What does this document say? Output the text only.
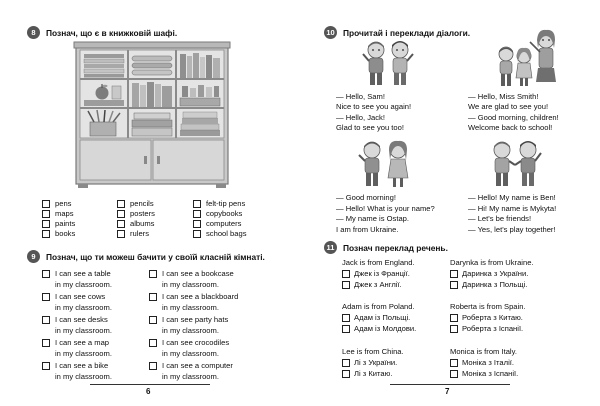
8	Познач, що є в книжковій шафі.
pens
maps
paints
books
pencils
posters
albums
rulers
felt-tip pens
copybooks
computers
school bags
9	Познач, що ти можеш бачити у своїй класній кімнаті.
I can see a table
in my classroom.
I can see a bookcase
in my classroom.
I can see cows
in my classroom.
I can see a blackboard
in my classroom.
I can see desks
in my classroom.
I can see party hats
in my classroom.
I can see a map
in my classroom.
I can see crocodiles
in my classroom.
I can see a bike
in my classroom.
I can see a computer
in my classroom.
6
10 Прочитай і переклади діалоги.
— Hello, Sam!
Nice to see you again!
— Hello, Jack!
Glad to see you too!
— Hello, Miss Smith!
We are glad to see you!
— Good morning, children!
Welcome back to school!
— Good morning!
— Hello! What is your name?
— My name is Ostap.
I am from Ukraine.
— Hello! My name is Ben!
— Hi! My name is Mykyta!
— Let's be friends!
— Yes, let's play together!
11	Познач переклад речень.
Jack is from England.
Джек із Франції.
Джек з Англії.
Darynka is from Ukraine.
Даринка з України.
Даринка з Польщі.
Adam is from Poland.
Адам із Польщі.
Адам із Молдови.
Roberta is from Spain.
Роберта з Китаю.
Роберта з Іспанії.
Lee is from China.
Лі з України.
Лі з Китаю.
Monica is from Italy.
Моніка з Італії.
Моніка з Іспанії.
7
